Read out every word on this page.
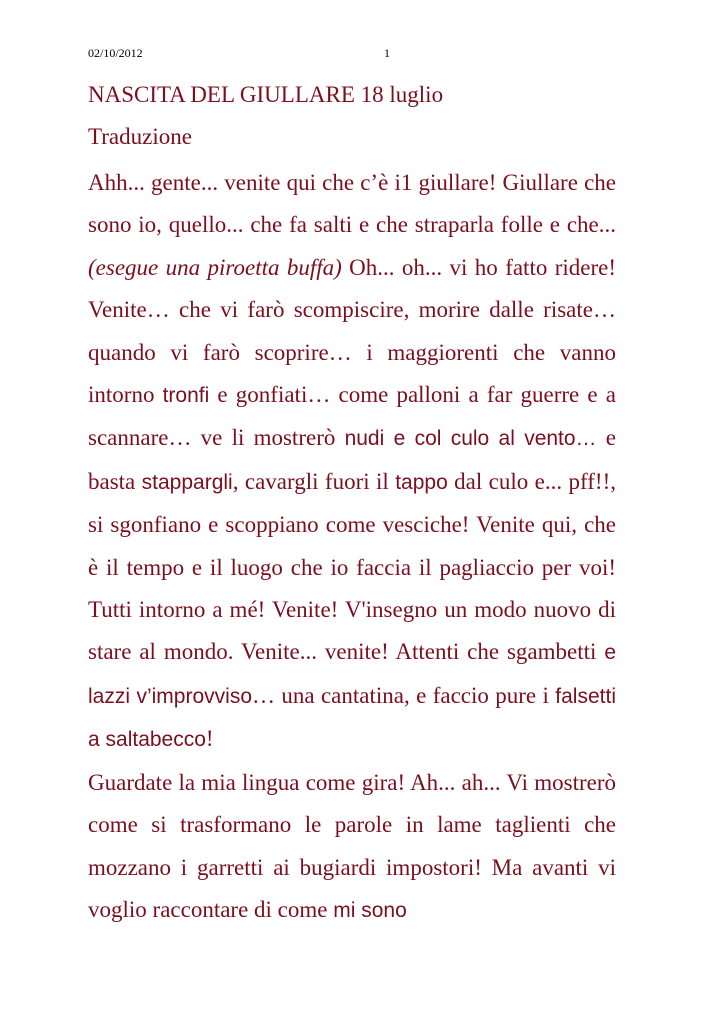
02/10/2012	1
NASCITA DEL GIULLARE 18 luglio
Traduzione

Ahh... gente... venite qui che c’è i1 giullare! Giullare che sono io, quello... che fa salti e che straparla folle e che... (esegue una piroetta buffa) Oh... oh... vi ho fatto ridere! Venite… che vi farò scompiscire, morire dalle risate… quando vi farò scoprire… i maggiorenti che vanno intorno tronfi e gonfiati… come palloni a far guerre e a scannare… ve li mostrerò nudi e col culo al vento… e basta stappargli, cavargli fuori il tappo dal culo e... pff!!, si sgonfiano e scoppiano come vesciche! Venite qui, che è il tempo e il luogo che io faccia il pagliaccio per voi! Tutti intorno a mé! Venite! V'insegno un modo nuovo di stare al mondo. Venite... venite! Attenti che sgambetti e lazzi v’improvviso… una cantatina, e faccio pure i falsetti a saltabecco!

Guardate la mia lingua come gira! Ah... ah... Vi mostrerò come si trasformano le parole in lame taglienti che mozzano i garretti ai bugiardi impostori! Ma avanti vi voglio raccontare di come mi sono
